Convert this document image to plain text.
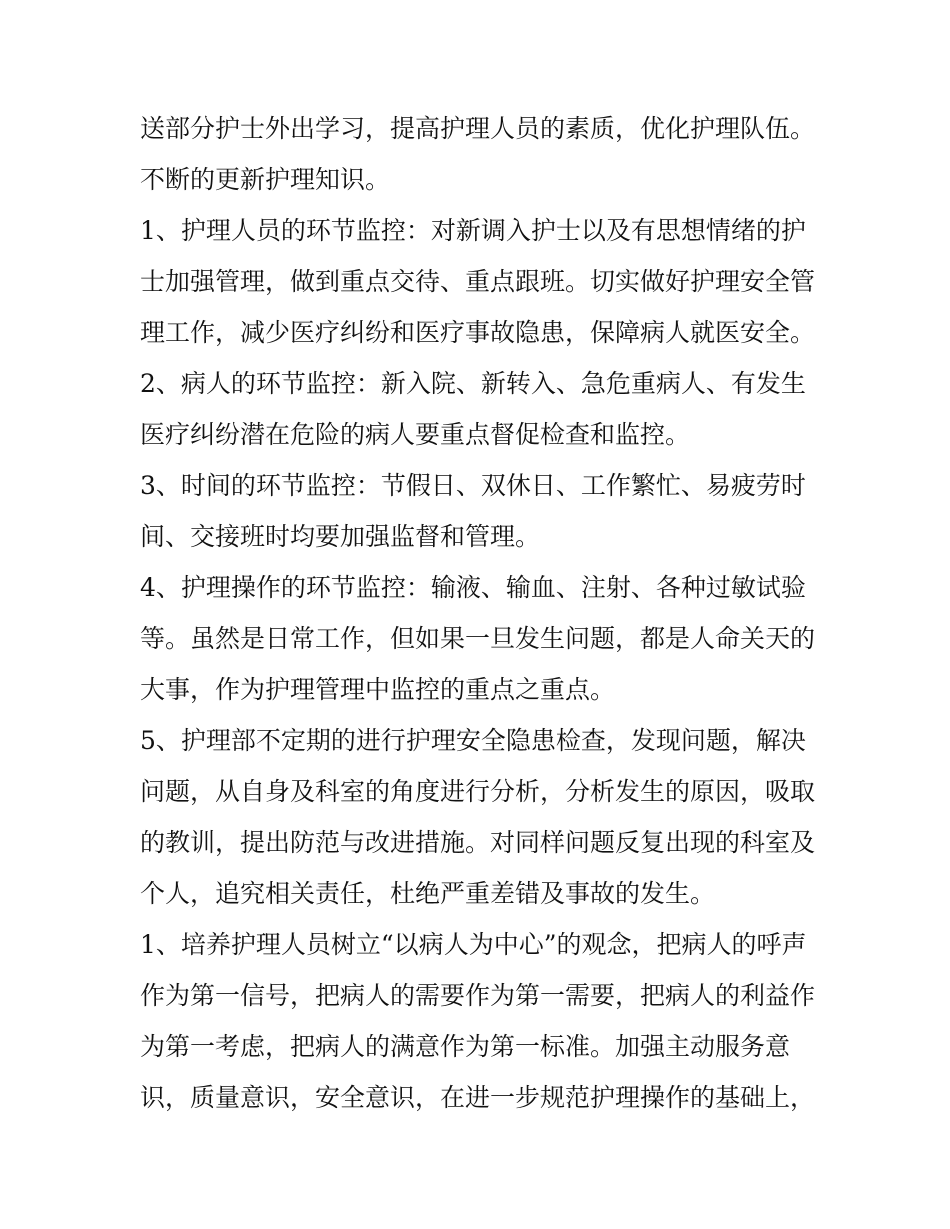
送部分护士外出学习，提高护理人员的素质，优化护理队伍。
不断的更新护理知识。
1、护理人员的环节监控：对新调入护士以及有思想情绪的护
士加强管理，做到重点交待、重点跟班。切实做好护理安全管
理工作，减少医疗纠纷和医疗事故隐患，保障病人就医安全。
2、病人的环节监控：新入院、新转入、急危重病人、有发生
医疗纠纷潜在危险的病人要重点督促检查和监控。
3、时间的环节监控：节假日、双休日、工作繁忙、易疲劳时
间、交接班时均要加强监督和管理。
4、护理操作的环节监控：输液、输血、注射、各种过敏试验
等。虽然是日常工作，但如果一旦发生问题，都是人命关天的
大事，作为护理管理中监控的重点之重点。
5、护理部不定期的进行护理安全隐患检查，发现问题，解决
问题，从自身及科室的角度进行分析，分析发生的原因，吸取
的教训，提出防范与改进措施。对同样问题反复出现的科室及
个人，追究相关责任，杜绝严重差错及事故的发生。
1、培养护理人员树立“以病人为中心”的观念，把病人的呼声
作为第一信号，把病人的需要作为第一需要，把病人的利益作
为第一考虑，把病人的满意作为第一标准。加强主动服务意
识，质量意识，安全意识，在进一步规范护理操作的基础上，
